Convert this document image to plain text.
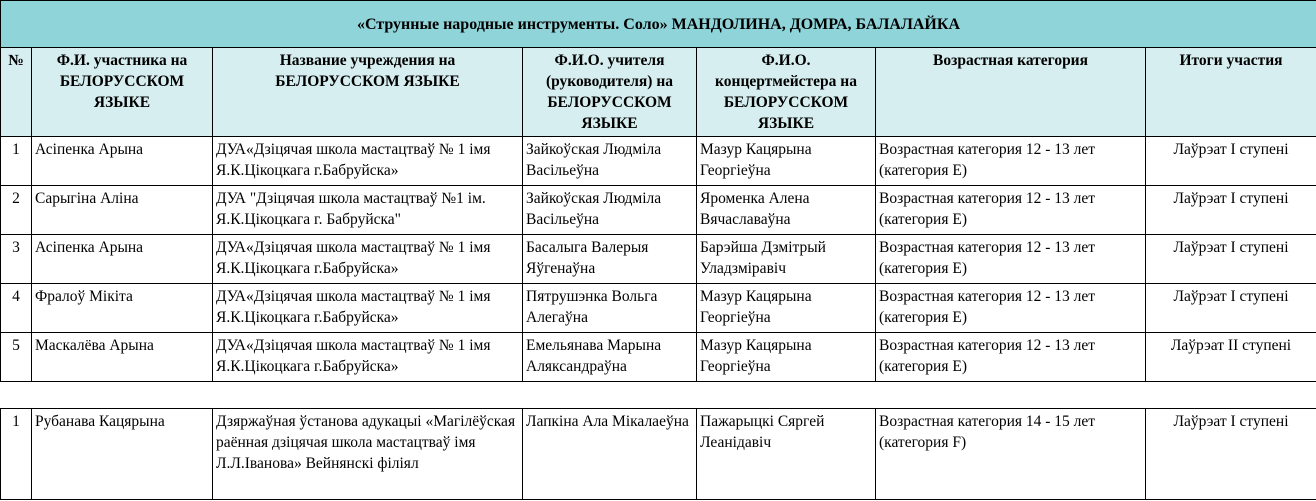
«Струнные народные инструменты. Соло» МАНДОЛИНА, ДОМРА, БАЛАЛАЙКА						
№	Ф.И. участника на БЕЛОРУССКОМ ЯЗЫКЕ	Название учреждения на БЕЛОРУССКОМ ЯЗЫКЕ	Ф.И.О. учителя (руководителя) на БЕЛОРУССКОМ ЯЗЫКЕ	Ф.И.О. концертмейстера на БЕЛОРУССКОМ ЯЗЫКЕ	Возрастная категория	Итоги участия
1	Асіпенка Арына	ДУА«Дзіцячая школа мастацтваў № 1 імя Я.К.Цікоцкага г.Бабруйска»	Зайкоўская Людміла Васільеўна	Мазур Кацярына Георгіеўна	Возрастная категория 12 - 13 лет (категория Е)	Лаўрэат I ступені
2	Сарыгіна Аліна	ДУА "Дзіцячая школа мастацтваў №1 ім. Я.К.Цікоцкага г. Бабруйска"	Зайкоўская Людміла Васільеўна	Яроменка Алена Вячаславаўна	Возрастная категория 12 - 13 лет (категория Е)	Лаўрэат I ступені
3	Асіпенка Арына	ДУА«Дзіцячая школа мастацтваў № 1 імя Я.К.Цікоцкага г.Бабруйска»	Басалыга Валерыя Яўгенаўна	Барэйша Дзмітрый Уладзміравіч	Возрастная категория 12 - 13 лет (категория Е)	Лаўрэат I ступені
4	Фралоў Мікіта	ДУА«Дзіцячая школа мастацтваў № 1 імя Я.К.Цікоцкага г.Бабруйска»	Пятрушэнка Вольга Алегаўна	Мазур Кацярына Георгіеўна	Возрастная категория 12 - 13 лет (категория Е)	Лаўрэат I ступені
5	Маскалёва Арына	ДУА«Дзіцячая школа мастацтваў № 1 імя Я.К.Цікоцкага г.Бабруйска»	Емельянава Марына Аляксандраўна	Мазур Кацярына Георгіеўна	Возрастная категория 12 - 13 лет (категория Е)	Лаўрэат II ступені

1	Рубанава Кацярына	Дзяржаўная ўстанова адукацыі «Магілёўская раённая дзіцячая школа мастацтваў імя Л.Л.Іванова» Вейнянскі філіял	Лапкіна Ала Мікалаеўна	Пажарыцкі Сяргей Леанідавіч	Возрастная категория 14 - 15 лет (категория F)	Лаўрэат I ступені
